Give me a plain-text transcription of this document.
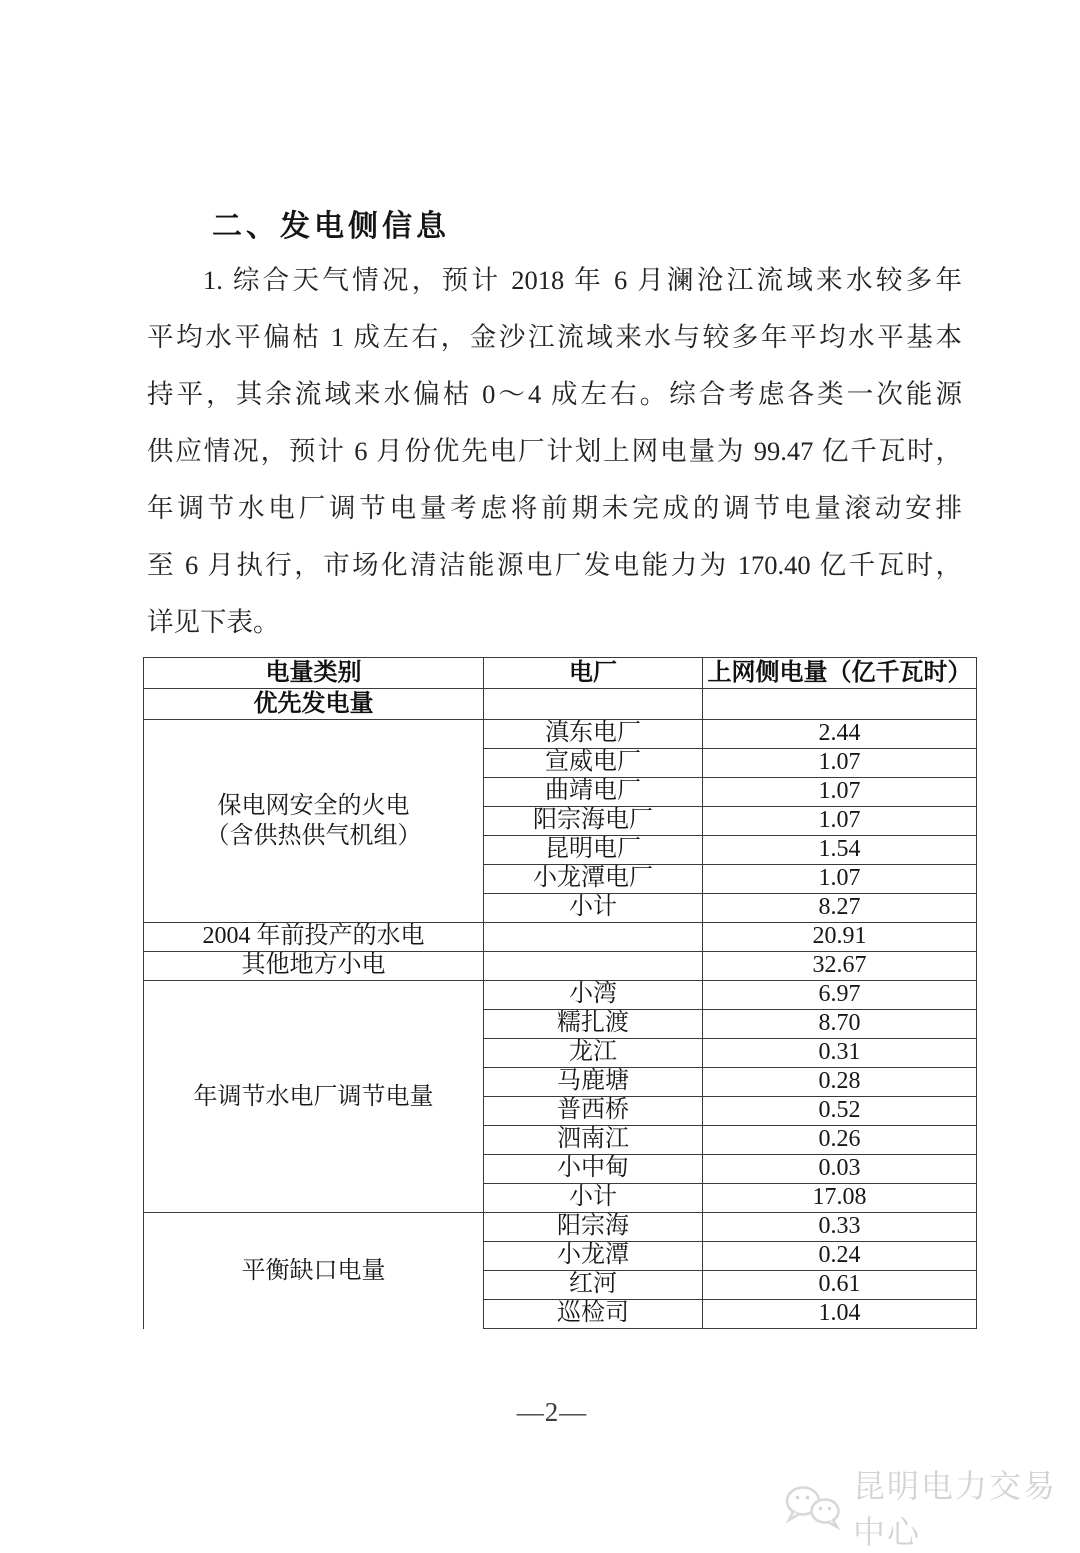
二、发电侧信息
1. 综合天气情况，预计 2018 年 6 月澜沧江流域来水较多年
平均水平偏枯 1 成左右，金沙江流域来水与较多年平均水平基本
持平，其余流域来水偏枯 0～4 成左右。综合考虑各类一次能源
供应情况，预计 6 月份优先电厂计划上网电量为 99.47 亿千瓦时，
年调节水电厂调节电量考虑将前期未完成的调节电量滚动安排
至 6 月执行，市场化清洁能源电厂发电能力为 170.40 亿千瓦时，
详见下表。
电量类别	电厂	上网侧电量（亿千瓦时）
优先发电量		

保电网安全的火电
（含供热供气机组）	滇东电厂	2.44
	宣威电厂	1.07
	曲靖电厂	1.07
	阳宗海电厂	1.07
	昆明电厂	1.54
	小龙潭电厂	1.07
	小计	8.27
2004 年前投产的水电		20.91
其他地方小电		32.67
年调节水电厂调节电量	小湾	6.97
	糯扎渡	8.70
	龙江	0.31
	马鹿塘	0.28
	普西桥	0.52
	泗南江	0.26
	小中甸	0.03
	小计	17.08
平衡缺口电量	阳宗海	0.33
	小龙潭	0.24
	红河	0.61
	巡检司	1.04
—2—
昆明电力交易中心
